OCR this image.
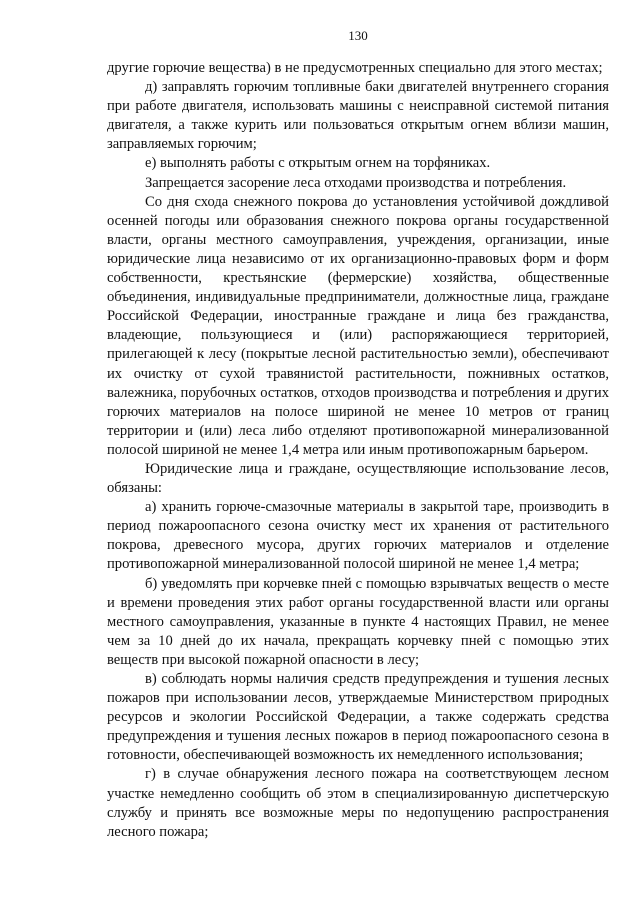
130

другие горючие вещества) в не предусмотренных специально для этого местах;

д) заправлять горючим топливные баки двигателей внутреннего сгорания при работе двигателя, использовать машины с неисправной системой питания двигателя, а также курить или пользоваться открытым огнем вблизи машин, заправляемых горючим;

е) выполнять работы с открытым огнем на торфяниках.

Запрещается засорение леса отходами производства и потребления.

Со дня схода снежного покрова до установления устойчивой дождливой осенней погоды или образования снежного покрова органы государственной власти, органы местного самоуправления, учреждения, организации, иные юридические лица независимо от их организационно-правовых форм и форм собственности, крестьянские (фермерские) хозяйства, общественные объединения, индивидуальные предприниматели, должностные лица, граждане Российской Федерации, иностранные граждане и лица без гражданства, владеющие, пользующиеся и (или) распоряжающиеся территорией, прилегающей к лесу (покрытые лесной растительностью земли), обеспечивают их очистку от сухой травянистой растительности, пожнивных остатков, валежника, порубочных остатков, отходов производства и потребления и других горючих материалов на полосе шириной не менее 10 метров от границ территории и (или) леса либо отделяют противопожарной минерализованной полосой шириной не менее 1,4 метра или иным противопожарным барьером.

Юридические лица и граждане, осуществляющие использование лесов, обязаны:

а) хранить горюче-смазочные материалы в закрытой таре, производить в период пожароопасного сезона очистку мест их хранения от растительного покрова, древесного мусора, других горючих материалов и отделение противопожарной минерализованной полосой шириной не менее 1,4 метра;

б) уведомлять при корчевке пней с помощью взрывчатых веществ о месте и времени проведения этих работ органы государственной власти или органы местного самоуправления, указанные в пункте 4 настоящих Правил, не менее чем за 10 дней до их начала, прекращать корчевку пней с помощью этих веществ при высокой пожарной опасности в лесу;

в) соблюдать нормы наличия средств предупреждения и тушения лесных пожаров при использовании лесов, утверждаемые Министерством природных ресурсов и экологии Российской Федерации, а также содержать средства предупреждения и тушения лесных пожаров в период пожароопасного сезона в готовности, обеспечивающей возможность их немедленного использования;

г) в случае обнаружения лесного пожара на соответствующем лесном участке немедленно сообщить об этом в специализированную диспетчерскую службу и принять все возможные меры по недопущению распространения лесного пожара;
